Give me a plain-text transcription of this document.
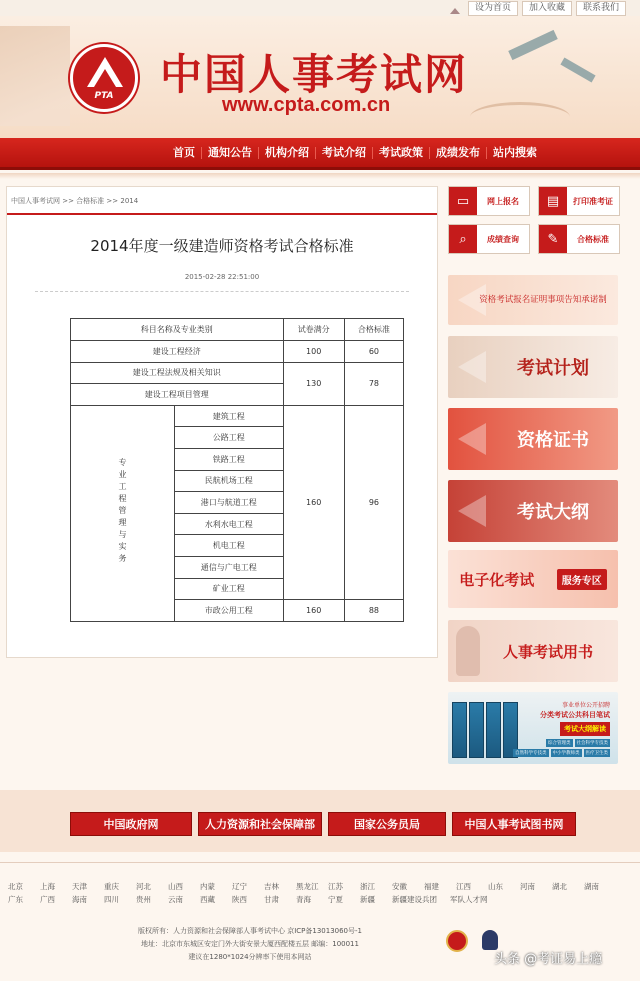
设为首页	加入收藏	联系我们
PTA	中国人事考试网
www.cpta.com.cn
首页	通知公告	机构介绍	考试介绍	考试政策	成绩发布	站内搜索
中国人事考试网 >> 合格标准 >> 2014
2014年度一级建造师资格考试合格标准
2015-02-28 22:51:00
科目名称及专业类别		试卷满分	合格标准
建设工程经济		100	60
建设工程法规及相关知识		130	78
建设工程项目管理			
专业工程管理与实务	建筑工程	160	96
	公路工程		
	铁路工程		
	民航机场工程		
	港口与航道工程		
	水利水电工程		
	机电工程		
	通信与广电工程		
	矿业工程		
	市政公用工程	160	88
▭	网上报名	▤	打印准考证
⌕	成绩查询	✎	合格标准
资格考试报名证明事项告知承诺制
考试计划
资格证书
考试大纲
电子化考试	服务专区
人事考试用书
事业单位公开招聘
分类考试公共科目笔试
考试大纲解读
综合管理类	社会科学专技类
自然科学专技类	中小学教师类	医疗卫生类
中国政府网	人力资源和社会保障部	国家公务员局	中国人事考试图书网
北京	上海	天津	重庆	河北	山西	内蒙	辽宁	吉林	黑龙江	江苏	浙江	安徽	福建	江西	山东	河南	湖北	湖南
广东	广西	海南	四川	贵州	云南	西藏	陕西	甘肃	青海	宁夏	新疆	新疆建设兵团	军队人才网
版权所有：人力资源和社会保障部人事考试中心 京ICP备13013060号-1
地址：北京市东城区安定门外大街安景大厦西配楼五层 邮编：100011
建议在1280*1024分辨率下使用本网站	头条 @考证易上瘾
